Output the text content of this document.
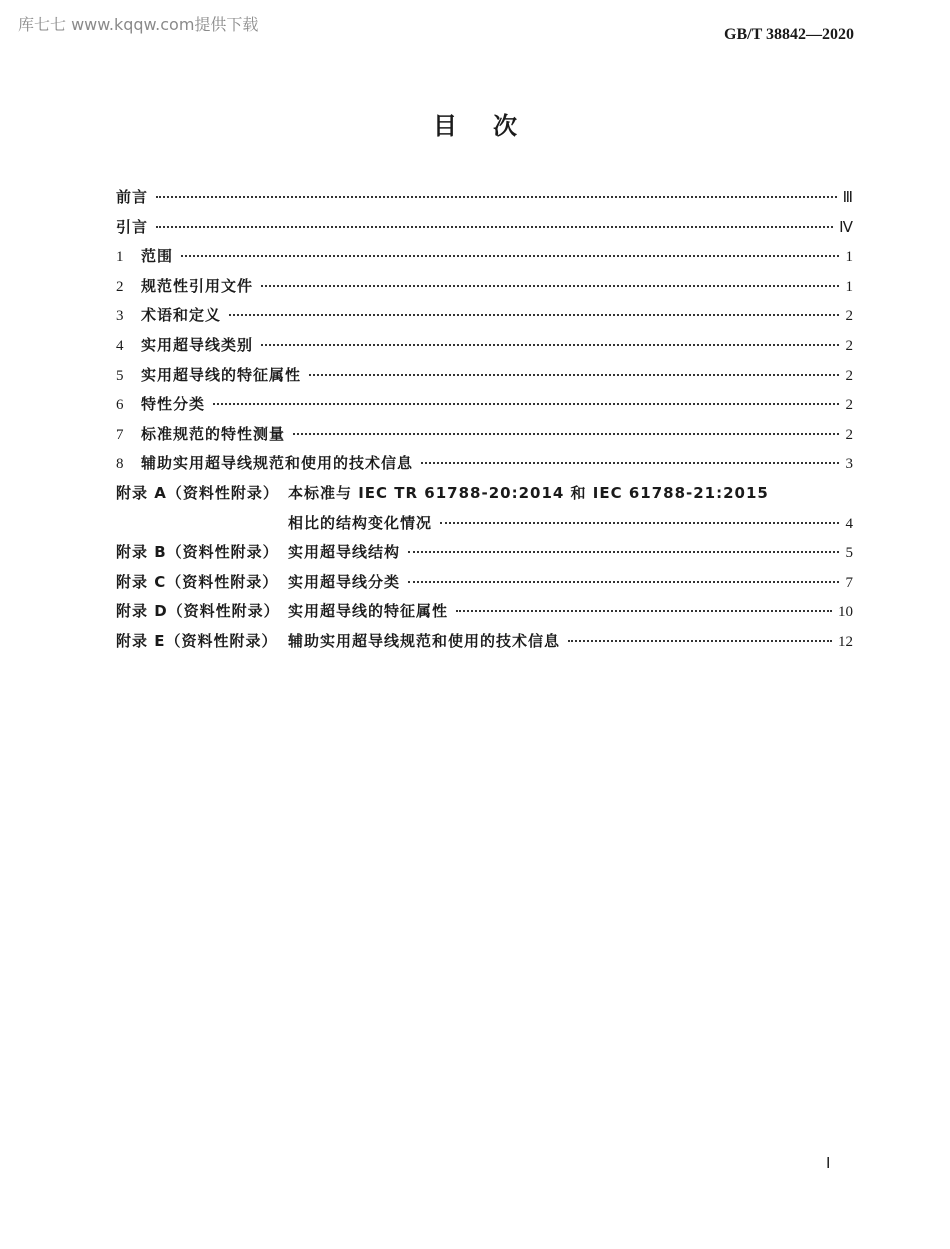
库七七 www.kqqw.com提供下载
GB/T 38842—2020
目次
前言	Ⅲ
引言	Ⅳ
1	范围	1
2	规范性引用文件	1
3	术语和定义	2
4	实用超导线类别	2
5	实用超导线的特征属性	2
6	特性分类	2
7	标准规范的特性测量	2
8	辅助实用超导线规范和使用的技术信息	3
附录 A（资料性附录） 本标准与 IEC TR 61788-20:2014 和 IEC 61788-21:2015
相比的结构变化情况	4
附录 B（资料性附录） 实用超导线结构	5
附录 C（资料性附录） 实用超导线分类	7
附录 D（资料性附录） 实用超导线的特征属性	10
附录 E（资料性附录） 辅助实用超导线规范和使用的技术信息	12
Ⅰ
